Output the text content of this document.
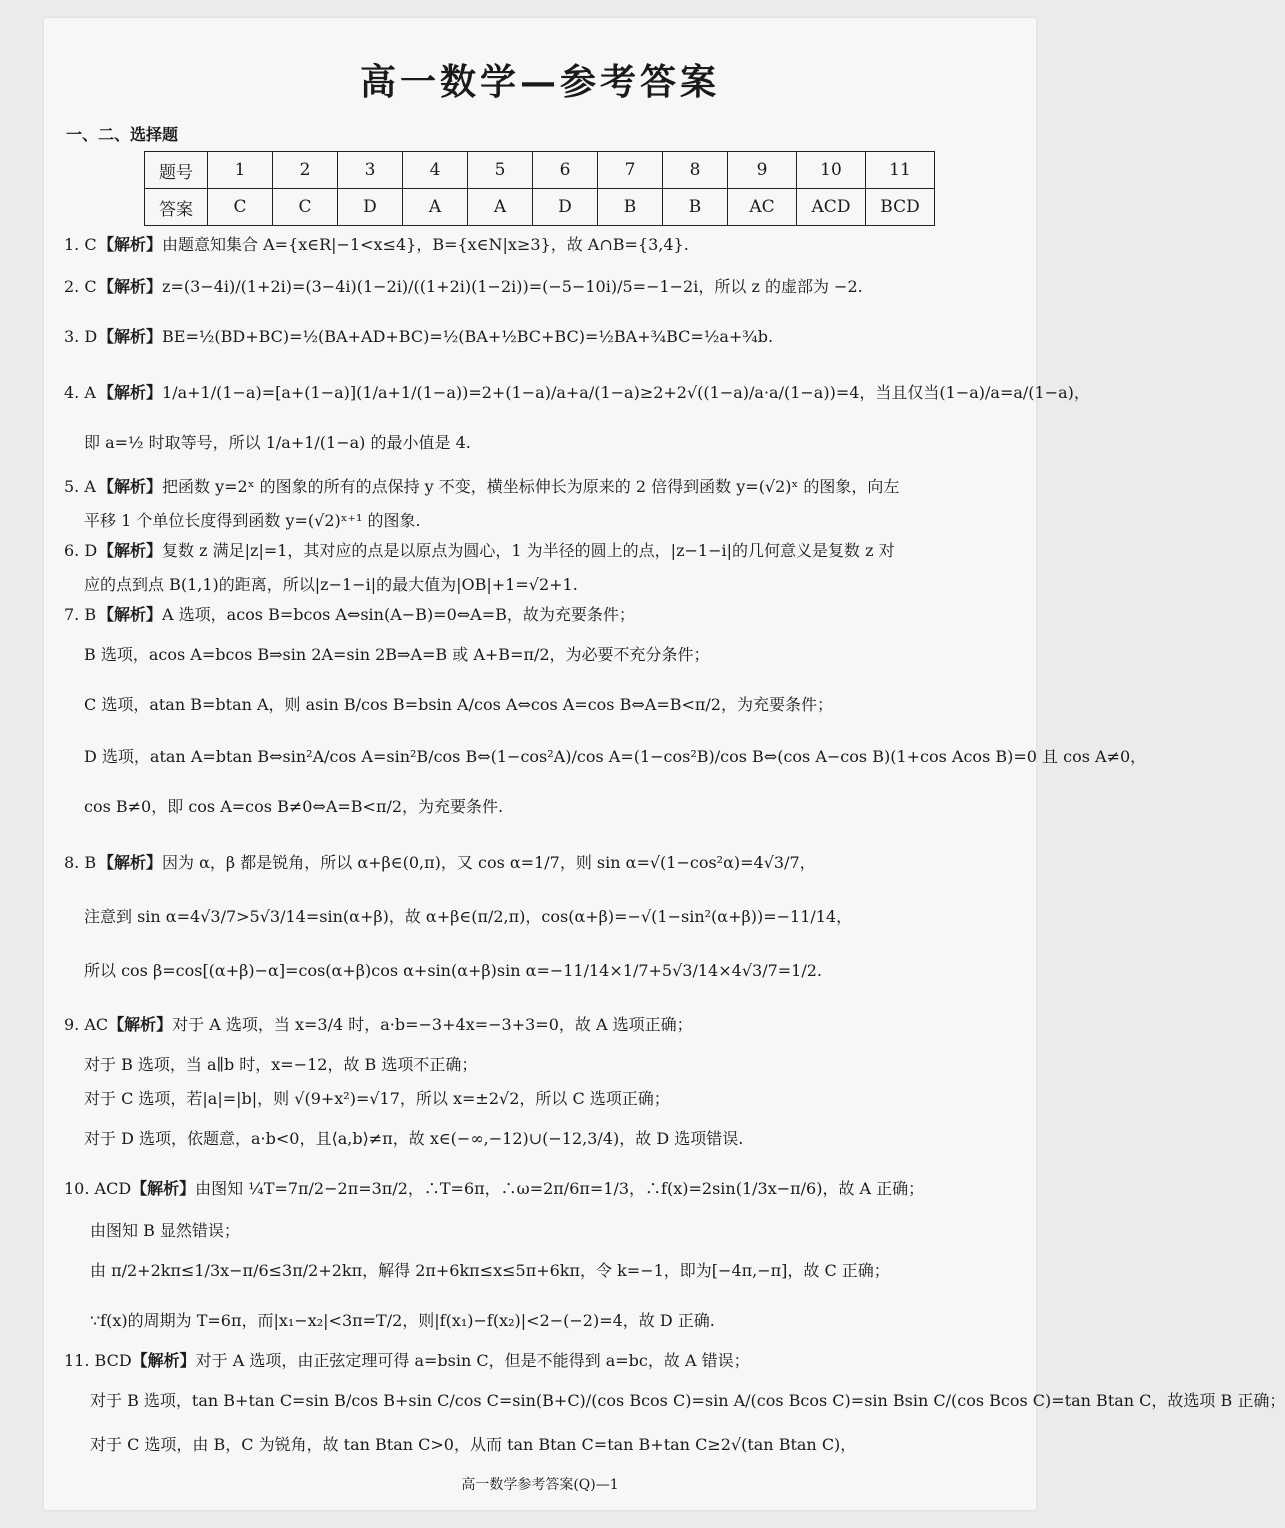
高一数学—参考答案
一、二、选择题
题号	1	2	3	4	5	6	7	8	9	10	11
答案	C	C	D	A	A	D	B	B	AC	ACD	BCD
1. C【解析】由题意知集合 A={x∈R|−1<x≤4}，B={x∈N|x≥3}，故 A∩B={3,4}.
2. C【解析】z=(3−4i)/(1+2i)=(3−4i)(1−2i)/((1+2i)(1−2i))=(−5−10i)/5=−1−2i，所以 z 的虚部为 −2.
3. D【解析】BE=½(BD+BC)=½(BA+AD+BC)=½(BA+½BC+BC)=½BA+¾BC=½a+¾b.
4. A 【解析】1/a+1/(1−a)=[a+(1−a)](1/a+1/(1−a))=2+(1−a)/a+a/(1−a)≥2+2√((1−a)/a·a/(1−a))=4，当且仅当(1−a)/a=a/(1−a)，
即 a=½ 时取等号，所以 1/a+1/(1−a) 的最小值是 4.
5. A 【解析】把函数 y=2ˣ 的图象的所有的点保持 y 不变，横坐标伸长为原来的 2 倍得到函数 y=(√2)ˣ 的图象，向左
平移 1 个单位长度得到函数 y=(√2)ˣ⁺¹ 的图象.
6. D【解析】复数 z 满足|z|=1，其对应的点是以原点为圆心，1 为半径的圆上的点，|z−1−i|的几何意义是复数 z 对
应的点到点 B(1,1)的距离，所以|z−1−i|的最大值为|OB|+1=√2+1.
7. B 【解析】A 选项，acos B=bcos A⇔sin(A−B)=0⇔A=B，故为充要条件；
B 选项，acos A=bcos B⇒sin 2A=sin 2B⇒A=B 或 A+B=π/2，为必要不充分条件；
C 选项，atan B=btan A，则 asin B/cos B=bsin A/cos A⇔cos A=cos B⇔A=B<π/2，为充要条件；
D 选项，atan A=btan B⇔sin²A/cos A=sin²B/cos B⇔(1−cos²A)/cos A=(1−cos²B)/cos B⇔(cos A−cos B)(1+cos Acos B)=0 且 cos A≠0，
cos B≠0，即 cos A=cos B≠0⇔A=B<π/2，为充要条件.
8. B 【解析】因为 α，β 都是锐角，所以 α+β∈(0,π)，又 cos α=1/7，则 sin α=√(1−cos²α)=4√3/7，
注意到 sin α=4√3/7>5√3/14=sin(α+β)，故 α+β∈(π/2,π)，cos(α+β)=−√(1−sin²(α+β))=−11/14，
所以 cos β=cos[(α+β)−α]=cos(α+β)cos α+sin(α+β)sin α=−11/14×1/7+5√3/14×4√3/7=1/2.
9. AC【解析】对于 A 选项，当 x=3/4 时，a·b=−3+4x=−3+3=0，故 A 选项正确；
对于 B 选项，当 a∥b 时，x=−12，故 B 选项不正确；
对于 C 选项，若|a|=|b|，则 √(9+x²)=√17，所以 x=±2√2，所以 C 选项正确；
对于 D 选项，依题意，a·b<0，且⟨a,b⟩≠π，故 x∈(−∞,−12)∪(−12,3/4)，故 D 选项错误.
10. ACD【解析】由图知 ¼T=7π/2−2π=3π/2，∴T=6π，∴ω=2π/6π=1/3，∴f(x)=2sin(1/3x−π/6)，故 A 正确；
由图知 B 显然错误；
由 π/2+2kπ≤1/3x−π/6≤3π/2+2kπ，解得 2π+6kπ≤x≤5π+6kπ，令 k=−1，即为[−4π,−π]，故 C 正确；
∵f(x)的周期为 T=6π，而|x₁−x₂|<3π=T/2，则|f(x₁)−f(x₂)|<2−(−2)=4，故 D 正确.
11. BCD【解析】对于 A 选项，由正弦定理可得 a=bsin C，但是不能得到 a=bc，故 A 错误；
对于 B 选项，tan B+tan C=sin B/cos B+sin C/cos C=sin(B+C)/(cos Bcos C)=sin A/(cos Bcos C)=sin Bsin C/(cos Bcos C)=tan Btan C，故选项 B 正确；
对于 C 选项，由 B，C 为锐角，故 tan Btan C>0，从而 tan Btan C=tan B+tan C≥2√(tan Btan C)，
高一数学参考答案(Q)—1
